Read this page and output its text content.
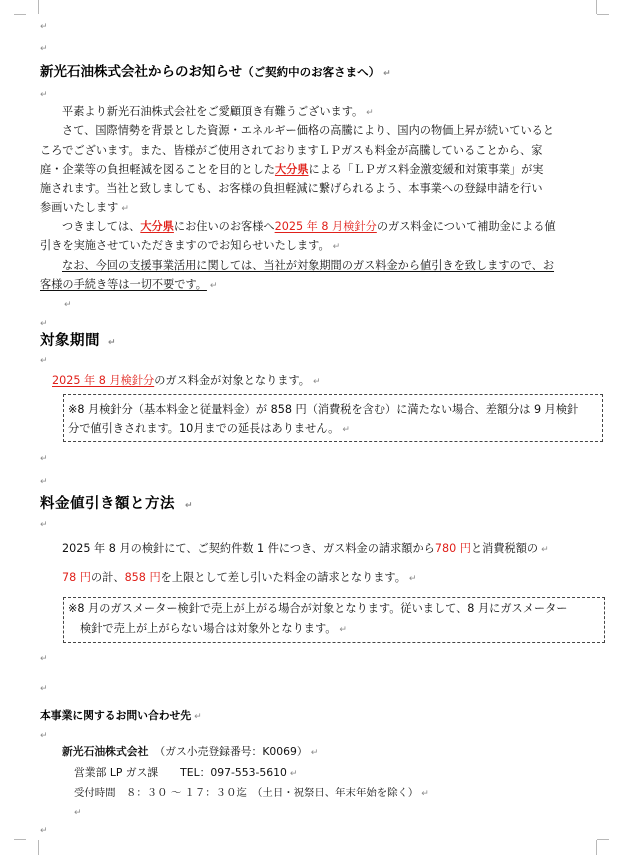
↵
↵
↵
新光石油株式会社からのお知らせ（ご契約中のお客さまへ） ↵
平素より新光石油株式会社をご愛顧頂き有難うございます。 ↵
さて、国際情勢を背景とした資源・エネルギー価格の高騰により、国内の物価上昇が続いていると
ころでございます。また、皆様がご使用されておりますＬＰガスも料金が高騰していることから、家
庭・企業等の負担軽減を図ることを目的とした大分県による「ＬＰガス料金激変緩和対策事業」が実
施されます。当社と致しましても、お客様の負担軽減に繋げられるよう、本事業への登録申請を行い
参画いたします ↵
つきましては、大分県にお住いのお客様へ2025 年 8 月検針分のガス料金について補助金による値
引きを実施させていただきますのでお知らせいたします。 ↵
なお、今回の支援事業活用に関しては、当社が対象期間のガス料金から値引きを致しますので、お
客様の手続き等は一切不要です。 ↵
↵
↵
対象期間 ↵
↵
2025 年 8 月検針分のガス料金が対象となります。 ↵
※8 月検針分（基本料金と従量料金）が 858 円（消費税を含む）に満たない場合、差額分は 9 月検針
分で値引きされます。10月までの延長はありません。 ↵
↵
↵
料金値引き額と方法 ↵
↵
2025 年 8 月の検針にて、ご契約件数 1 件につき、ガス料金の請求額から780 円と消費税額の ↵
78 円の計、858 円を上限として差し引いた料金の請求となります。 ↵
※8 月のガスメーター検針で売上が上がる場合が対象となります。従いまして、8 月にガスメーター
検針で売上が上がらない場合は対象外となります。 ↵
↵
↵
本事業に関するお問い合わせ先 ↵
↵
新光石油株式会社 （ガス小売登録番号：K0069） ↵
営業部 LP ガス課 TEL：097-553-5610 ↵
受付時間　８：３０ ～ １７：３０迄　（土日・祝祭日、年末年始を除く） ↵
↵
↵
